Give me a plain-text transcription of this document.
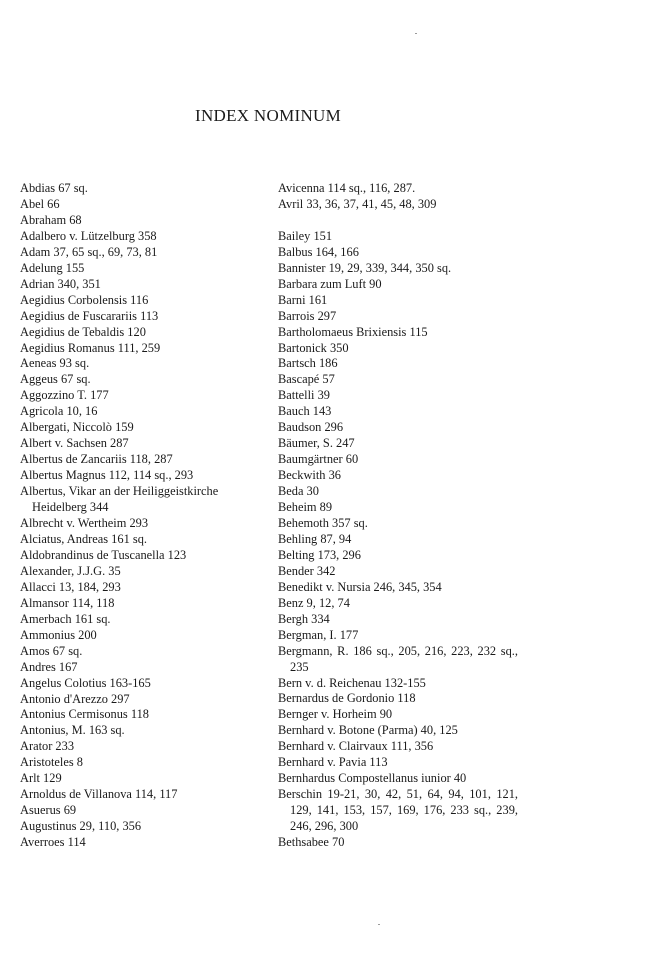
INDEX NOMINUM
Abdias 67 sq.
Abel 66
Abraham 68
Adalbero v. Lützelburg 358
Adam 37, 65 sq., 69, 73, 81
Adelung 155
Adrian 340, 351
Aegidius Corbolensis 116
Aegidius de Fuscarariis 113
Aegidius de Tebaldis 120
Aegidius Romanus 111, 259
Aeneas 93 sq.
Aggeus 67 sq.
Aggozzino T. 177
Agricola 10, 16
Albergati, Niccolò 159
Albert v. Sachsen 287
Albertus de Zancariis 118, 287
Albertus Magnus 112, 114 sq., 293
Albertus, Vikar an der Heiliggeistkirche Heidelberg 344
Albrecht v. Wertheim 293
Alciatus, Andreas 161 sq.
Aldobrandinus de Tuscanella 123
Alexander, J.J.G. 35
Allacci 13, 184, 293
Almansor 114, 118
Amerbach 161 sq.
Ammonius 200
Amos 67 sq.
Andres 167
Angelus Colotius 163-165
Antonio d'Arezzo 297
Antonius Cermisonus 118
Antonius, M. 163 sq.
Arator 233
Aristoteles 8
Arlt 129
Arnoldus de Villanova 114, 117
Asuerus 69
Augustinus 29, 110, 356
Averroes 114
Avicenna 114 sq., 116, 287.
Avril 33, 36, 37, 41, 45, 48, 309
Bailey 151
Balbus 164, 166
Bannister 19, 29, 339, 344, 350 sq.
Barbara zum Luft 90
Barni 161
Barrois 297
Bartholomaeus Brixiensis 115
Bartonick 350
Bartsch 186
Bascapé 57
Battelli 39
Bauch 143
Baudson 296
Bäumer, S. 247
Baumgärtner 60
Beckwith 36
Beda 30
Beheim 89
Behemoth 357 sq.
Behling 87, 94
Belting 173, 296
Bender 342
Benedikt v. Nursia 246, 345, 354
Benz 9, 12, 74
Bergh 334
Bergman, I. 177
Bergmann, R. 186 sq., 205, 216, 223, 232 sq., 235
Bern v. d. Reichenau 132-155
Bernardus de Gordonio 118
Bernger v. Horheim 90
Bernhard v. Botone (Parma) 40, 125
Bernhard v. Clairvaux 111, 356
Bernhard v. Pavia 113
Bernhardus Compostellanus iunior 40
Berschin 19-21, 30, 42, 51, 64, 94, 101, 121, 129, 141, 153, 157, 169, 176, 233 sq., 239, 246, 296, 300
Bethsabee 70
